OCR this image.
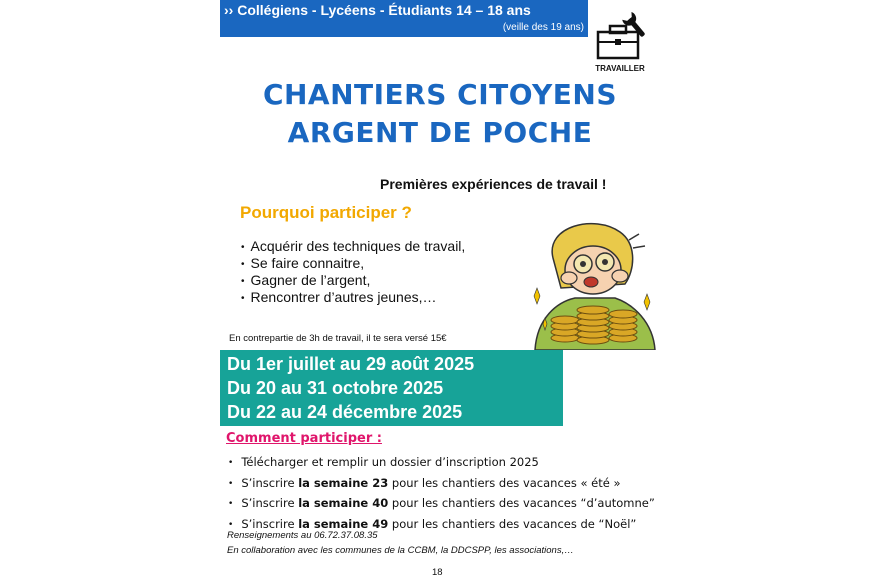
›› Collégiens - Lycéens - Étudiants 14 – 18 ans
(veille des 19 ans)
TRAVAILLER
CHANTIERS CITOYENS
ARGENT DE POCHE
Premières expériences de travail !
Pourquoi participer ?
• Acquérir des techniques de travail,
• Se faire connaitre,
• Gagner de l’argent,
• Rencontrer d’autres jeunes,…
En contrepartie de 3h de travail, il te sera versé 15€
Du 1er juillet au 29 août 2025
Du 20 au 31 octobre 2025
Du 22 au 24 décembre 2025
Comment participer :
• Télécharger et remplir un dossier d’inscription 2025
• S’inscrire la semaine 23 pour les chantiers des vacances « été »
• S’inscrire la semaine 40 pour les chantiers des vacances “d’automne”
• S’inscrire la semaine 49 pour les chantiers des vacances de “Noël”
Renseignements au 06.72.37.08.35
En collaboration avec les communes de la CCBM, la DDCSPP, les associations,…
18
